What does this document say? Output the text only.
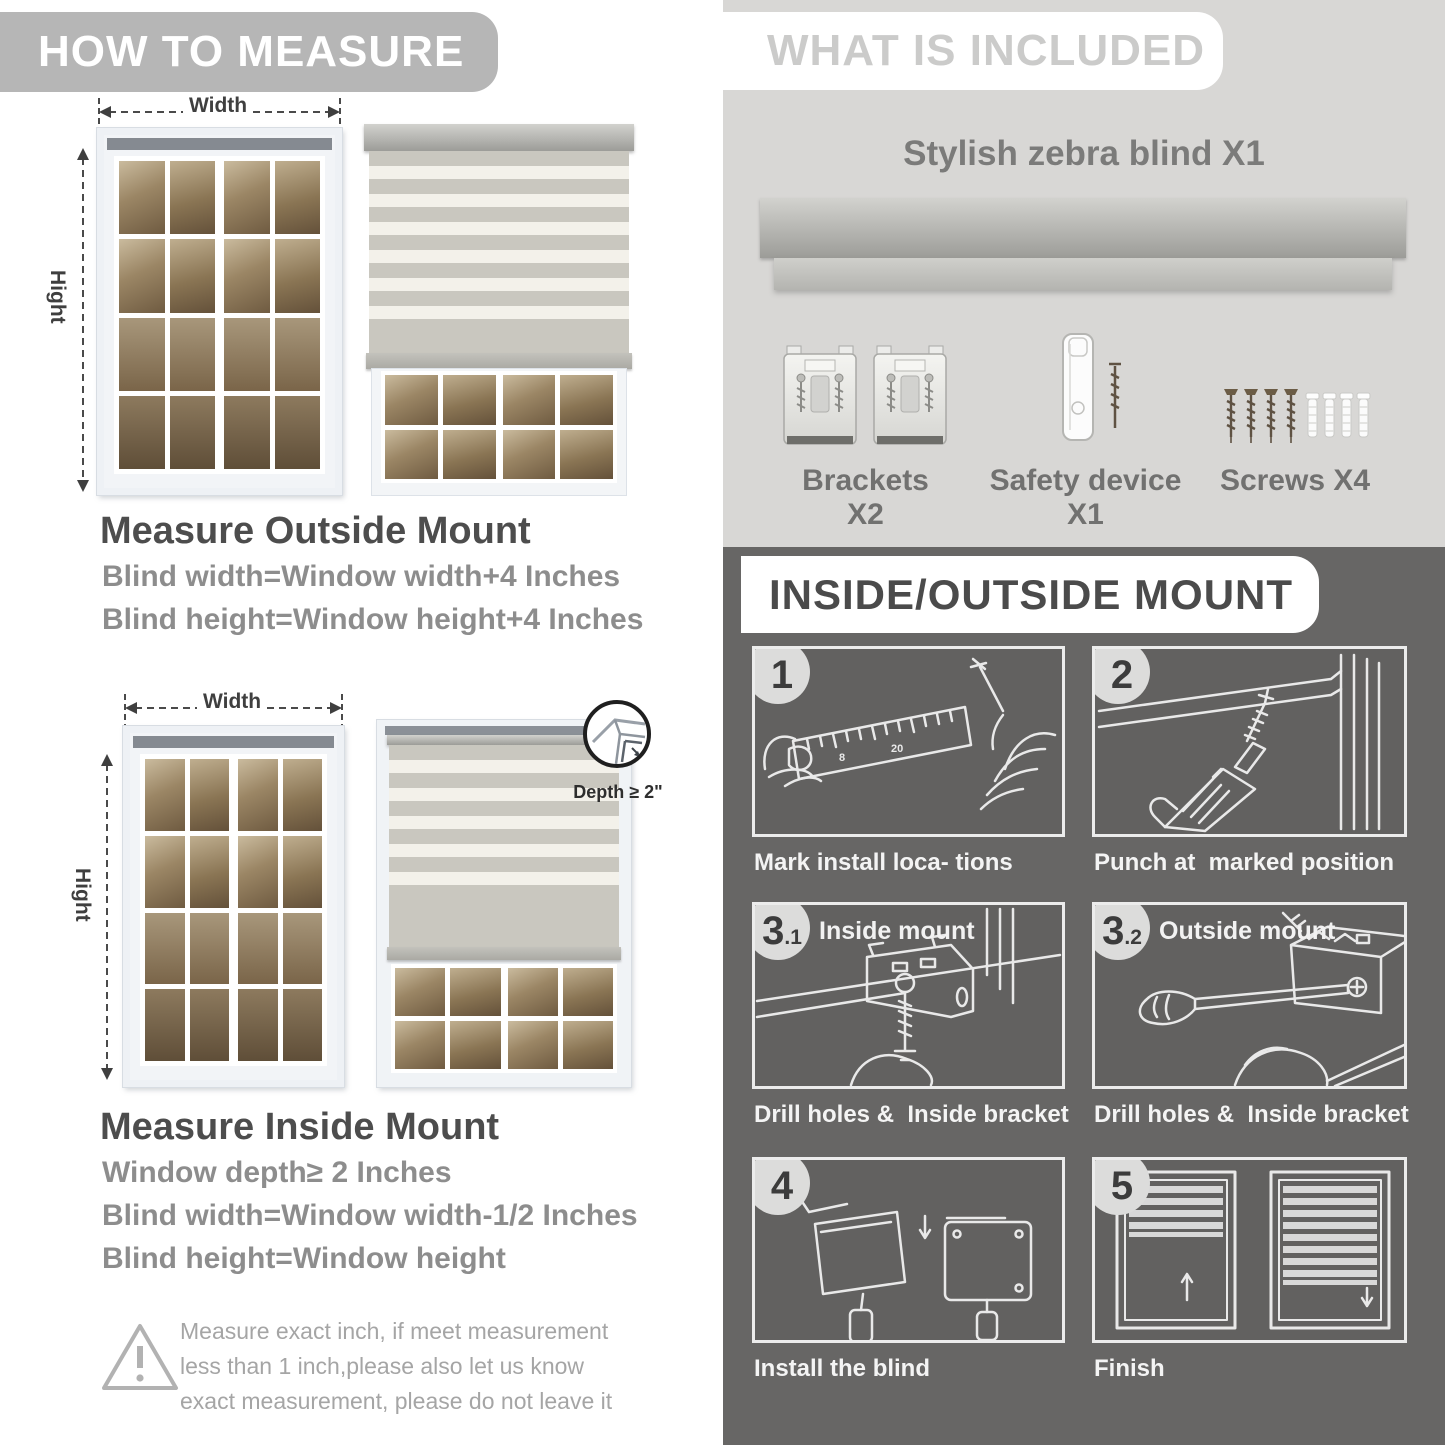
HOW TO MEASURE
Width
Hight
Measure Outside Mount
Blind width=Window width+4 Inches
Blind height=Window height+4 Inches
Width
Hight
Depth ≥ 2"
Measure Inside Mount
Window depth≥ 2 Inches
Blind width=Window width-1/2 Inches
Blind height=Window height
Measure exact inch, if meet measurement less than 1 inch,please also let us know exact measurement, please do not leave it
WHAT IS INCLUDED
Stylish zebra blind X1
Brackets X2
Safety device X1
Screws X4
INSIDE/OUTSIDE MOUNT
8
20
1	2
Mark install loca- tions	Punch at  marked position
3 .1 Inside mount	3 .2 Outside mount
Drill holes &  Inside bracket Drill holes &  Inside bracket
4	5
Install the blind	Finish
